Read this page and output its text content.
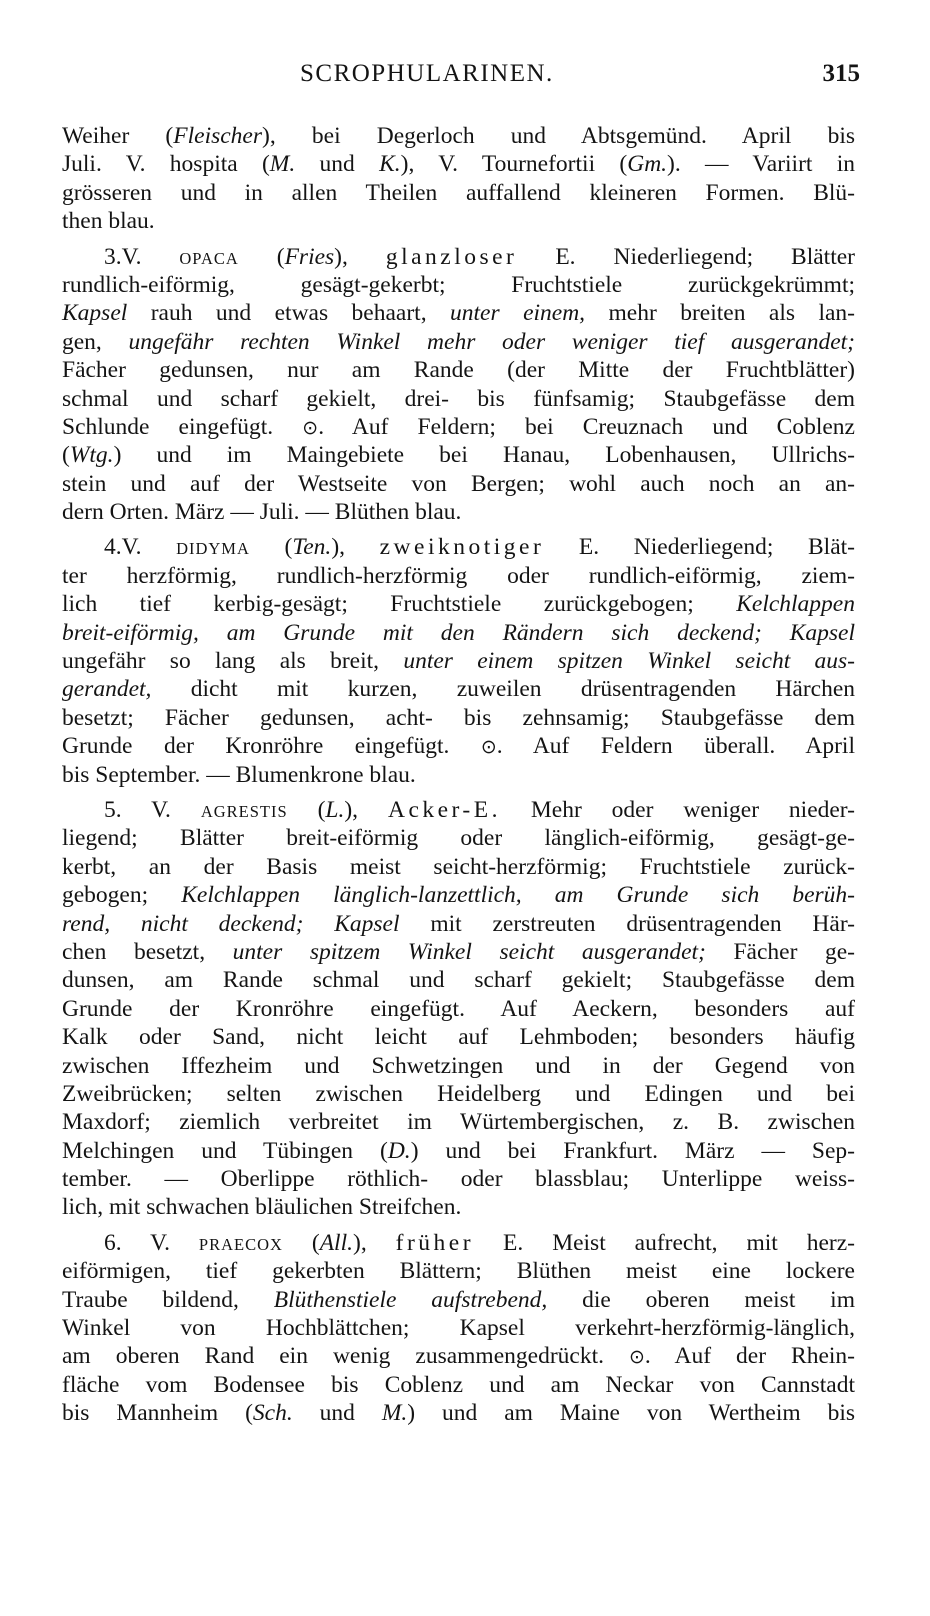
SCROPHULARINEN.	315
Weiher (Fleischer), bei Degerloch und Abtsgemünd. April bis
Juli. V. hospita (M. und K.), V. Tournefortii (Gm.). — Variirt in
grösseren und in allen Theilen auffallend kleineren Formen. Blü-
then blau.
3.V. OPACA (Fries), glanzloser E. Niederliegend; Blätter
rundlich-eiförmig, gesägt-gekerbt; Fruchtstiele zurückgekrümmt;
Kapsel rauh und etwas behaart, unter einem, mehr breiten als lan-
gen, ungefähr rechten Winkel mehr oder weniger tief ausgerandet;
Fächer gedunsen, nur am Rande (der Mitte der Fruchtblätter)
schmal und scharf gekielt, drei- bis fünfsamig; Staubgefässe dem
Schlunde eingefügt. ⊙. Auf Feldern; bei Creuznach und Coblenz
(Wtg.) und im Maingebiete bei Hanau, Lobenhausen, Ullrichs-
stein und auf der Westseite von Bergen; wohl auch noch an an-
dern Orten. März — Juli. — Blüthen blau.
4.V. DIDYMA (Ten.), zweiknotiger E. Niederliegend; Blät-
ter herzförmig, rundlich-herzförmig oder rundlich-eiförmig, ziem-
lich tief kerbig-gesägt; Fruchtstiele zurückgebogen; Kelchlappen
breit-eiförmig, am Grunde mit den Rändern sich deckend; Kapsel
ungefähr so lang als breit, unter einem spitzen Winkel seicht aus-
gerandet, dicht mit kurzen, zuweilen drüsentragenden Härchen
besetzt; Fächer gedunsen, acht- bis zehnsamig; Staubgefässe dem
Grunde der Kronröhre eingefügt. ⊙. Auf Feldern überall. April
bis September. — Blumenkrone blau.
5. V. AGRESTIS (L.), Acker-E. Mehr oder weniger nieder-
liegend; Blätter breit-eiförmig oder länglich-eiförmig, gesägt-ge-
kerbt, an der Basis meist seicht-herzförmig; Fruchtstiele zurück-
gebogen; Kelchlappen länglich-lanzettlich, am Grunde sich berüh-
rend, nicht deckend; Kapsel mit zerstreuten drüsentragenden Här-
chen besetzt, unter spitzem Winkel seicht ausgerandet; Fächer ge-
dunsen, am Rande schmal und scharf gekielt; Staubgefässe dem
Grunde der Kronröhre eingefügt. Auf Aeckern, besonders auf
Kalk oder Sand, nicht leicht auf Lehmboden; besonders häufig
zwischen Iffezheim und Schwetzingen und in der Gegend von
Zweibrücken; selten zwischen Heidelberg und Edingen und bei
Maxdorf; ziemlich verbreitet im Würtembergischen, z. B. zwischen
Melchingen und Tübingen (D.) und bei Frankfurt. März — Sep-
tember. — Oberlippe röthlich- oder blassblau; Unterlippe weiss-
lich, mit schwachen bläulichen Streifchen.
6. V. PRAECOX (All.), früher E. Meist aufrecht, mit herz-
eiförmigen, tief gekerbten Blättern; Blüthen meist eine lockere
Traube bildend, Blüthenstiele aufstrebend, die oberen meist im
Winkel von Hochblättchen; Kapsel verkehrt-herzförmig-länglich,
am oberen Rand ein wenig zusammengedrückt. ⊙. Auf der Rhein-
fläche vom Bodensee bis Coblenz und am Neckar von Cannstadt
bis Mannheim (Sch. und M.) und am Maine von Wertheim bis
